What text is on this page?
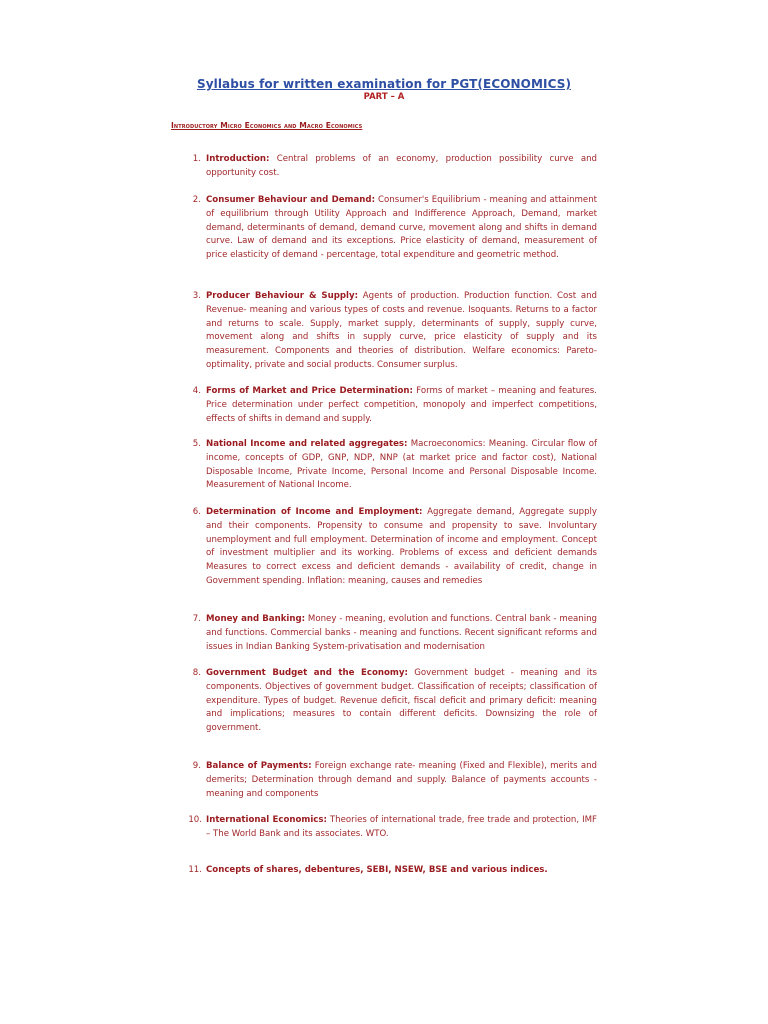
Syllabus for written examination for PGT(ECONOMICS)
PART – A
Introductory Micro Economics and Macro Economics
1. Introduction: Central problems of an economy, production possibility curve and opportunity cost.
2. Consumer Behaviour and Demand: Consumer's Equilibrium - meaning and attainment of equilibrium through Utility Approach and Indifference Approach, Demand, market demand, determinants of demand, demand curve, movement along and shifts in demand curve. Law of demand and its exceptions. Price elasticity of demand, measurement of price elasticity of demand - percentage, total expenditure and geometric method.
3. Producer Behaviour & Supply: Agents of production. Production function. Cost and Revenue- meaning and various types of costs and revenue. Isoquants. Returns to a factor and returns to scale. Supply, market supply, determinants of supply, supply curve, movement along and shifts in supply curve, price elasticity of supply and its measurement. Components and theories of distribution. Welfare economics: Pareto-optimality, private and social products. Consumer surplus.
4. Forms of Market and Price Determination: Forms of market – meaning and features. Price determination under perfect competition, monopoly and imperfect competitions, effects of shifts in demand and supply.
5. National Income and related aggregates: Macroeconomics: Meaning. Circular flow of income, concepts of GDP, GNP, NDP, NNP (at market price and factor cost), National Disposable Income, Private Income, Personal Income and Personal Disposable Income. Measurement of National Income.
6. Determination of Income and Employment: Aggregate demand, Aggregate supply and their components. Propensity to consume and propensity to save. Involuntary unemployment and full employment. Determination of income and employment. Concept of investment multiplier and its working. Problems of excess and deficient demands Measures to correct excess and deficient demands - availability of credit, change in Government spending. Inflation: meaning, causes and remedies
7. Money and Banking: Money - meaning, evolution and functions. Central bank - meaning and functions. Commercial banks - meaning and functions. Recent significant reforms and issues in Indian Banking System-privatisation and modernisation
8. Government Budget and the Economy: Government budget - meaning and its components. Objectives of government budget. Classification of receipts; classification of expenditure. Types of budget. Revenue deficit, fiscal deficit and primary deficit: meaning and implications; measures to contain different deficits. Downsizing the role of government.
9. Balance of Payments: Foreign exchange rate- meaning (Fixed and Flexible), merits and demerits; Determination through demand and supply. Balance of payments accounts - meaning and components
10. International Economics: Theories of international trade, free trade and protection, IMF – The World Bank and its associates. WTO.
11. Concepts of shares, debentures, SEBI, NSEW, BSE and various indices.
